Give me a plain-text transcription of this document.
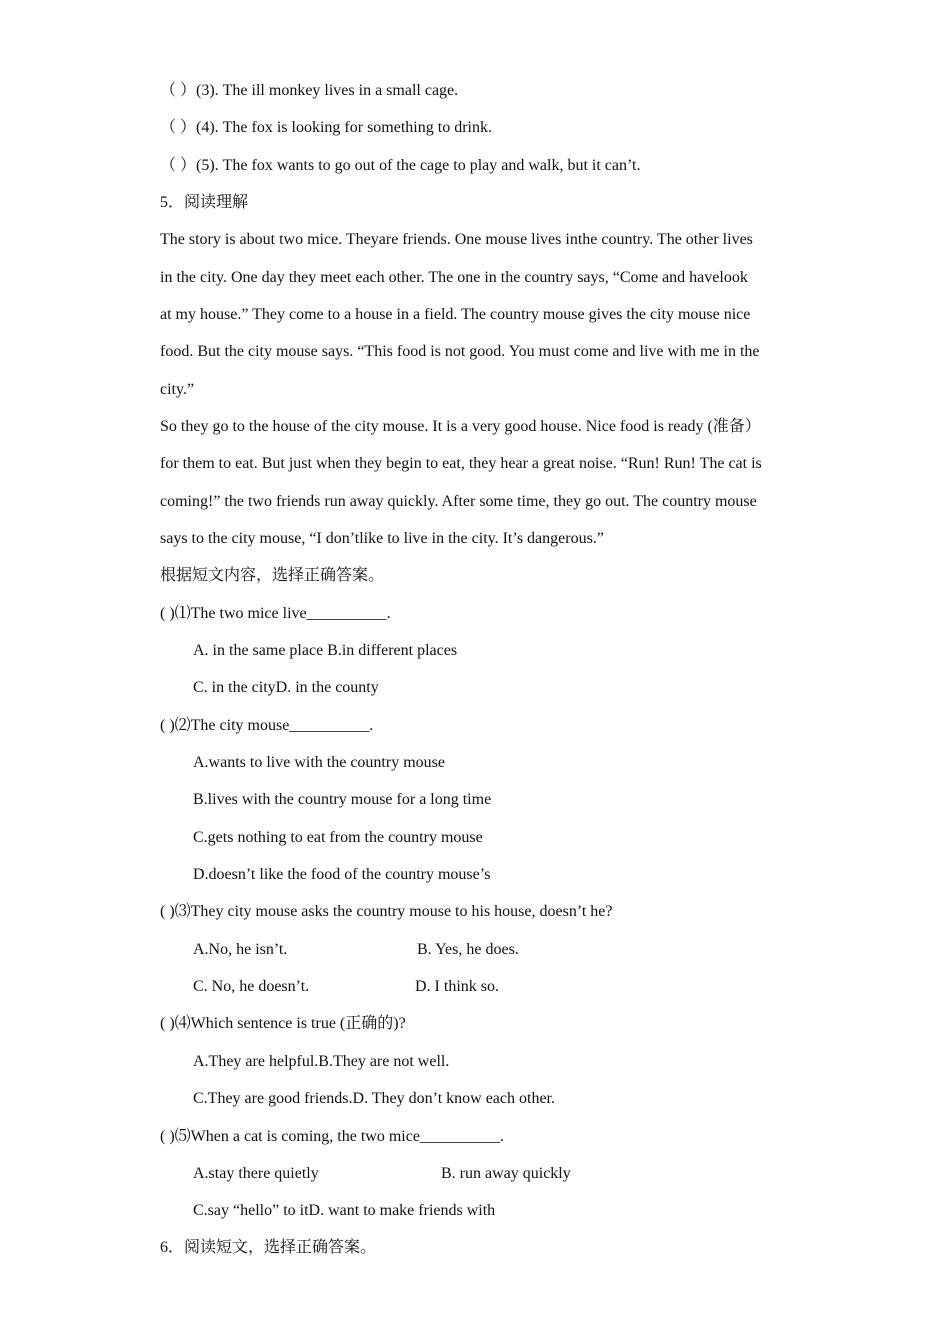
（ ）(3). The ill monkey lives in a small cage.
（ ）(4). The fox is looking for something to drink.
（ ）(5). The fox wants to go out of the cage to play and walk, but it can’t.
5．阅读理解
The story is about two mice. Theyare friends. One mouse lives inthe country. The other lives
in the city. One day they meet each other. The one in the country says, “Come and havelook
at my house.” They come to a house in a field. The country mouse gives the city mouse nice
food. But the city mouse says. “This food is not good. You must come and live with me in the
city.”
So they go to the house of the city mouse. It is a very good house. Nice food is ready (准备）
for them to eat. But just when they begin to eat, they hear a great noise. “Run! Run! The cat is
coming!” the two friends run away quickly. After some time, they go out. The country mouse
says to the city mouse, “I don’tlike to live in the city. It’s dangerous.”
根据短文内容，选择正确答案。
( )⑴The two mice live__________.
A. in the same place B.in different places
C. in the cityD. in the county
( )⑵The city mouse__________.
A.wants to live with the country mouse
B.lives with the country mouse for a long time
C.gets nothing to eat from the country mouse
D.doesn’t like the food of the country mouse’s
( )⑶They city mouse asks the country mouse to his house, doesn’t he?
A.No, he isn’t.	B. Yes, he does.
C. No, he doesn’t.	D. I think so.
( )⑷Which sentence is true (正确的)?
A.They are helpful.B.They are not well.
C.They are good friends.D. They don’t know each other.
( )⑸When a cat is coming, the two mice__________.
A.stay there quietly	B. run away quickly
C.say “hello” to itD. want to make friends with
6．阅读短文，选择正确答案。
